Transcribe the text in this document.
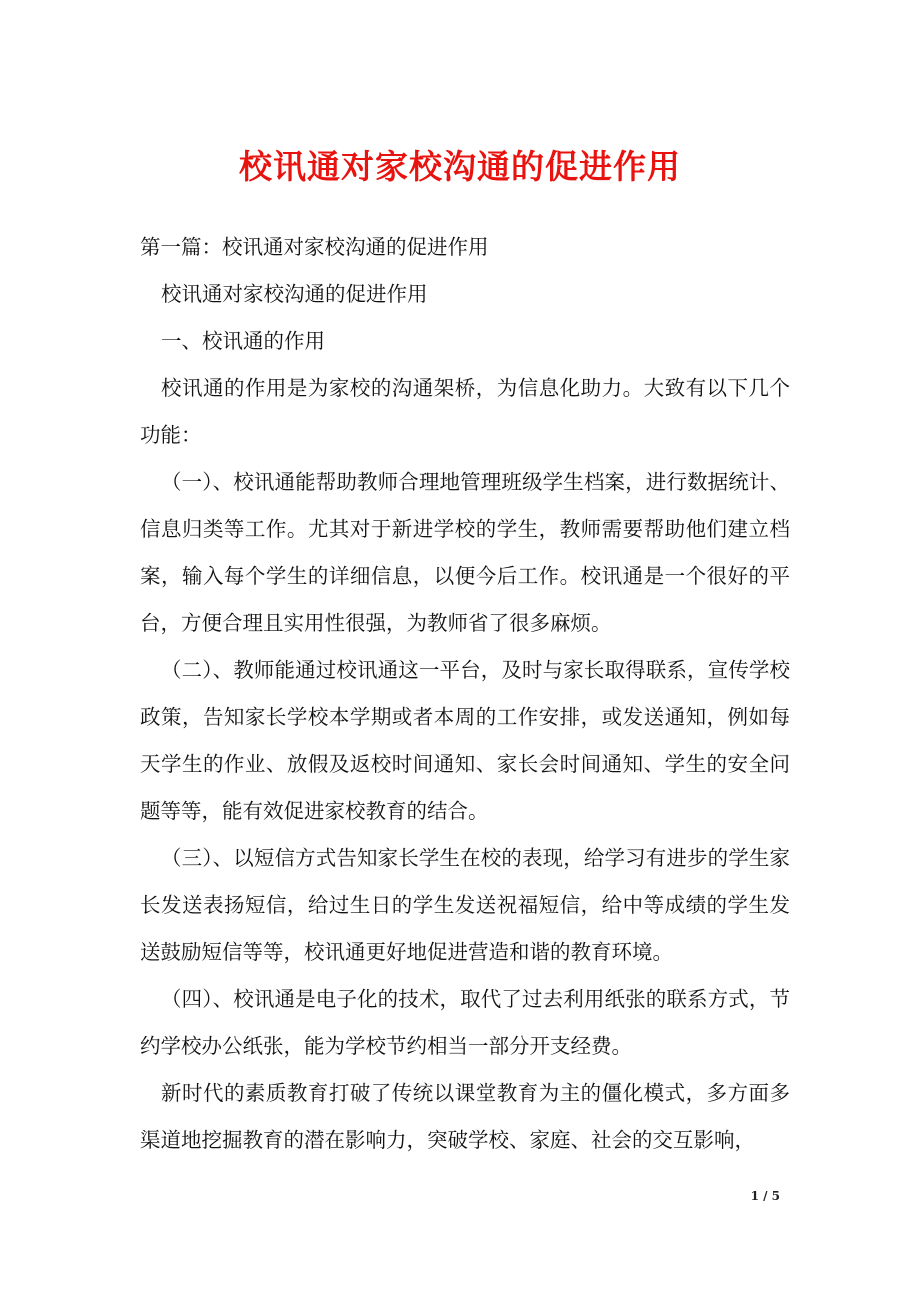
校讯通对家校沟通的促进作用

第一篇：校讯通对家校沟通的促进作用

校讯通对家校沟通的促进作用

一、校讯通的作用

校讯通的作用是为家校的沟通架桥，为信息化助力。大致有以下几个功能：

（一）、校讯通能帮助教师合理地管理班级学生档案，进行数据统计、信息归类等工作。尤其对于新进学校的学生，教师需要帮助他们建立档案，输入每个学生的详细信息，以便今后工作。校讯通是一个很好的平台，方便合理且实用性很强，为教师省了很多麻烦。

（二）、教师能通过校讯通这一平台，及时与家长取得联系，宣传学校政策，告知家长学校本学期或者本周的工作安排，或发送通知，例如每天学生的作业、放假及返校时间通知、家长会时间通知、学生的安全问题等等，能有效促进家校教育的结合。

（三）、以短信方式告知家长学生在校的表现，给学习有进步的学生家长发送表扬短信，给过生日的学生发送祝福短信，给中等成绩的学生发送鼓励短信等等，校讯通更好地促进营造和谐的教育环境。

（四）、校讯通是电子化的技术，取代了过去利用纸张的联系方式，节约学校办公纸张，能为学校节约相当一部分开支经费。

新时代的素质教育打破了传统以课堂教育为主的僵化模式，多方面多渠道地挖掘教育的潜在影响力，突破学校、家庭、社会的交互影响，

1 / 5
